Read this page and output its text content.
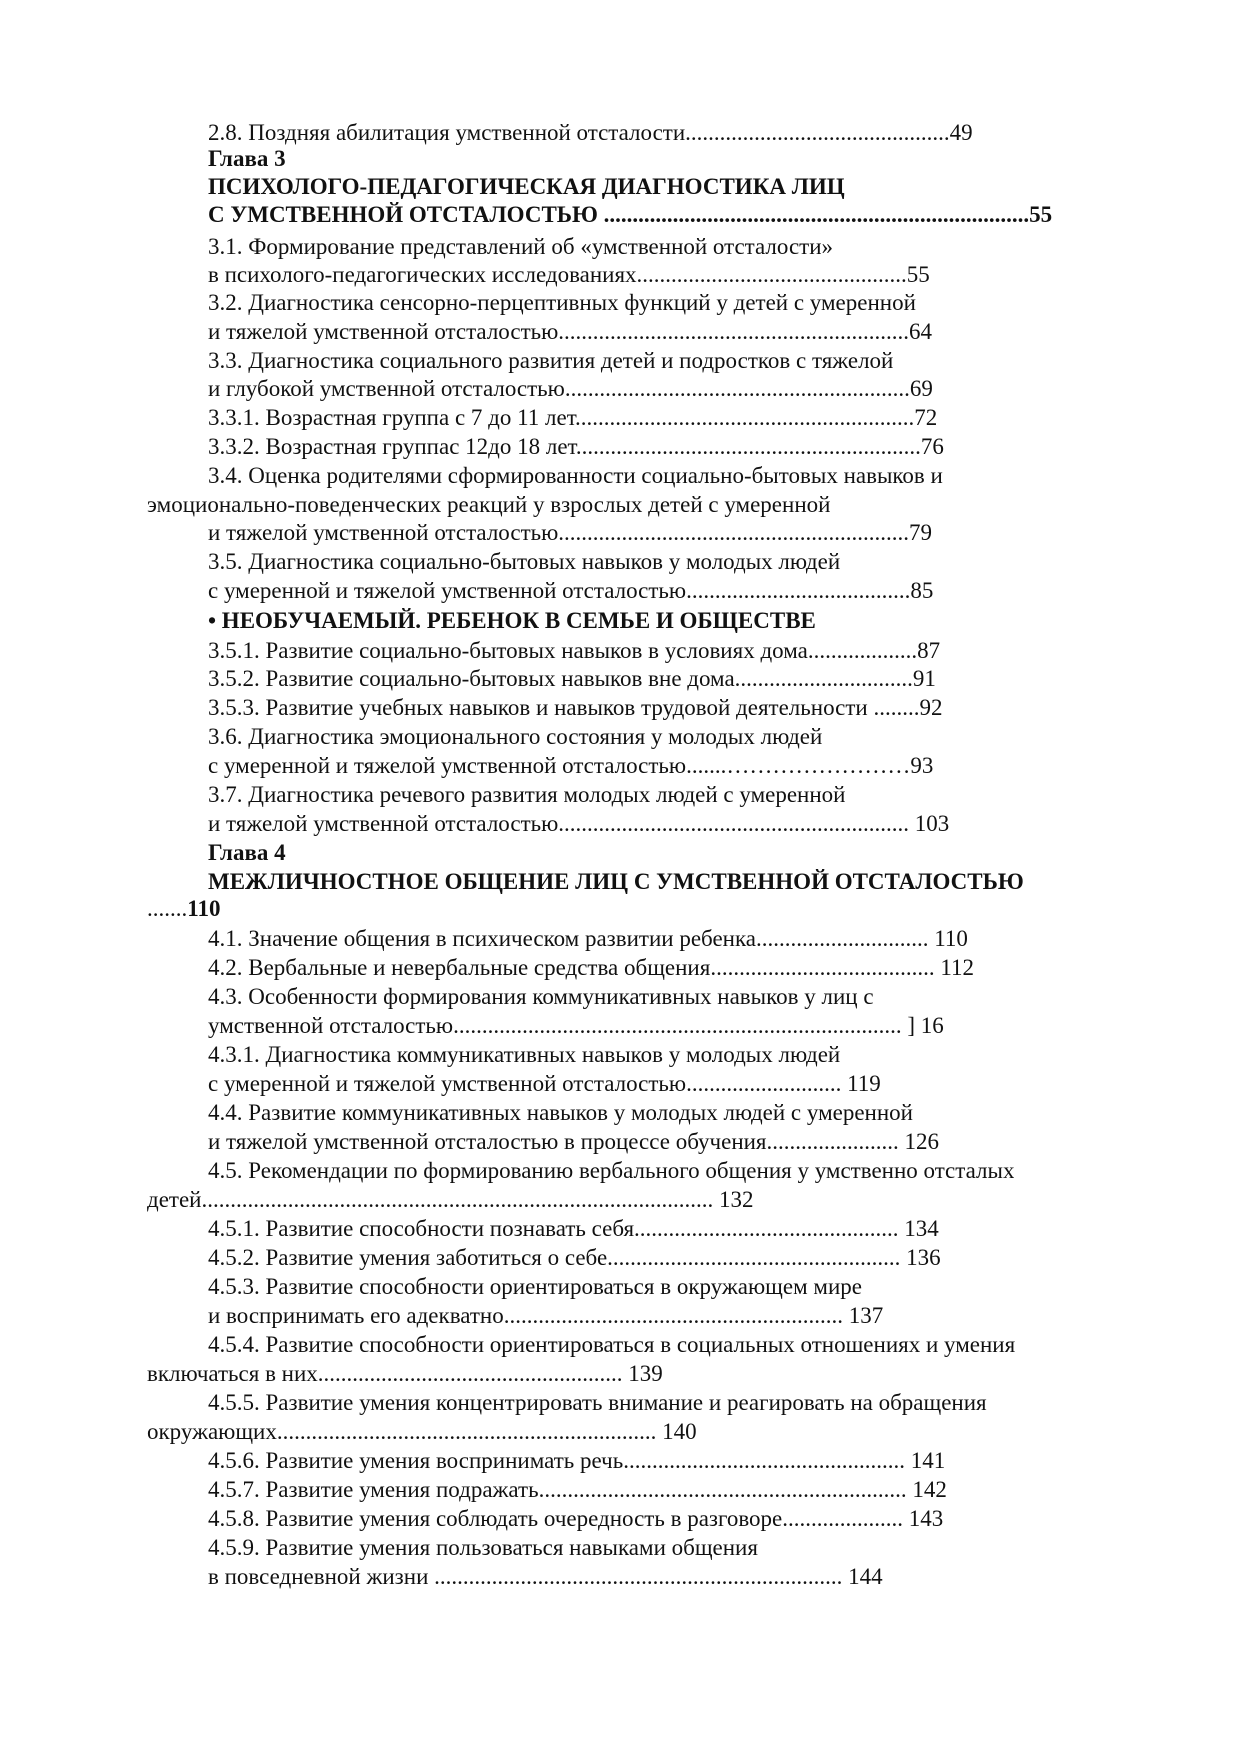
2.8. Поздняя абилитация умственной отсталости..............................................49
Глава 3
ПСИХОЛОГО-ПЕДАГОГИЧЕСКАЯ ДИАГНОСТИКА ЛИЦ
С УМСТВЕННОЙ ОТСТАЛОСТЬЮ ..........................................................................55
3.1. Формирование представлений об «умственной отсталости»
в психолого-педагогических исследованиях...............................................55
3.2. Диагностика сенсорно-перцептивных функций у детей с умеренной
и тяжелой умственной отсталостью.............................................................64
3.3. Диагностика социального развития детей и подростков с тяжелой
и глубокой умственной отсталостью............................................................69
3.3.1. Возрастная группа с 7 до 11 лет...........................................................72
3.3.2. Возрастная группас 12до 18 лет............................................................76
3.4. Оценка родителями сформированности социально-бытовых навыков и
эмоционально-поведенческих реакций у взрослых детей с умеренной
и тяжелой умственной отсталостью.............................................................79
3.5. Диагностика социально-бытовых навыков у молодых людей
с умеренной и тяжелой умственной отсталостью.......................................85
• НЕОБУЧАЕМЫЙ. РЕБЕНОК В СЕМЬЕ И ОБЩЕСТВЕ
3.5.1. Развитие социально-бытовых навыков в условиях дома...................87
3.5.2. Развитие социально-бытовых навыков вне дома...............................91
3.5.3. Развитие учебных навыков и навыков трудовой деятельности ........92
3.6. Диагностика эмоционального состояния у молодых людей
с умеренной и тяжелой умственной отсталостью.......……………………93
3.7. Диагностика речевого развития молодых людей с умеренной
и тяжелой умственной отсталостью............................................................. 103
Глава 4
МЕЖЛИЧНОСТНОЕ ОБЩЕНИЕ ЛИЦ С УМСТВЕННОЙ ОТСТАЛОСТЬЮ
.......110
4.1. Значение общения в психическом развитии ребенка.............................. 110
4.2. Вербальные и невербальные средства общения....................................... 112
4.3. Особенности формирования коммуникативных навыков у лиц с
умственной отсталостью.............................................................................. ] 16
4.3.1. Диагностика коммуникативных навыков у молодых людей
с умеренной и тяжелой умственной отсталостью........................... 119
4.4. Развитие коммуникативных навыков у молодых людей с умеренной
и тяжелой умственной отсталостью в процессе обучения....................... 126
4.5. Рекомендации по формированию вербального общения у умственно отсталых
детей......................................................................................... 132
4.5.1. Развитие способности познавать себя.............................................. 134
4.5.2. Развитие умения заботиться о себе................................................... 136
4.5.3. Развитие способности ориентироваться в окружающем мире
и воспринимать его адекватно........................................................... 137
4.5.4. Развитие способности ориентироваться в социальных отношениях и умения
включаться в них..................................................... 139
4.5.5. Развитие умения концентрировать внимание и реагировать на обращения
окружающих.................................................................. 140
4.5.6. Развитие умения воспринимать речь................................................. 141
4.5.7. Развитие умения подражать................................................................ 142
4.5.8. Развитие умения соблюдать очередность в разговоре..................... 143
4.5.9. Развитие умения пользоваться навыками общения
в повседневной жизни ....................................................................... 144
